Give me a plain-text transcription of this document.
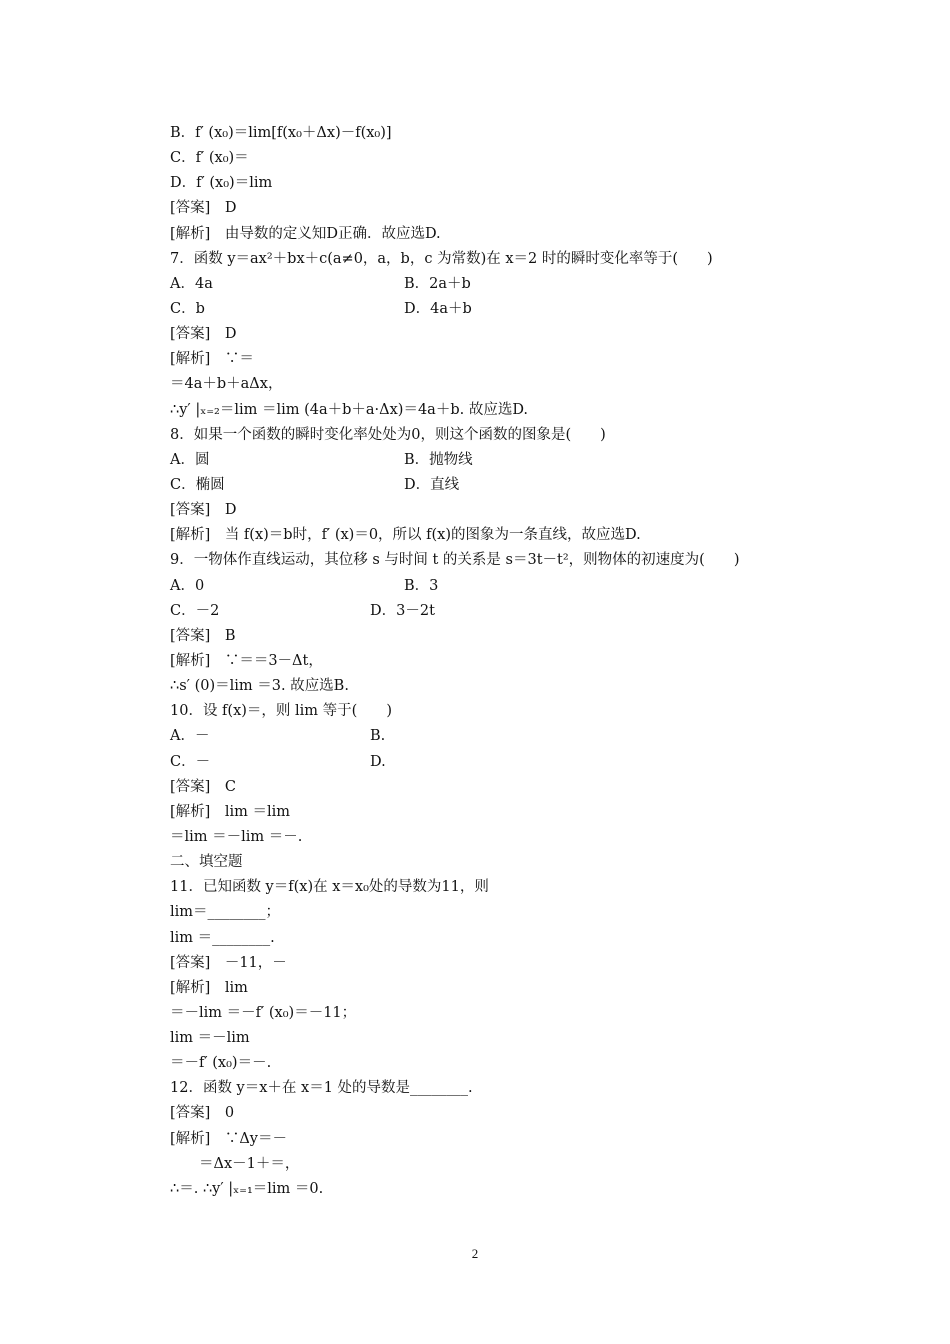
B．f′ (x₀)＝lim[f(x₀＋Δx)－f(x₀)]
C．f′ (x₀)＝
D．f′ (x₀)＝lim
[答案]　D
[解析]　由导数的定义知D正确．故应选D.
7．函数 y＝ax²＋bx＋c(a≠0，a，b，c 为常数)在 x＝2 时的瞬时变化率等于(　　)
A．4a	B．2a＋b
C．b	D．4a＋b
[答案]　D
[解析]　∵＝
＝4a＋b＋aΔx，
∴y′ |ₓ₌₂＝lim ＝lim (4a＋b＋a·Δx)＝4a＋b. 故应选D.
8．如果一个函数的瞬时变化率处处为0，则这个函数的图象是(　　)
A．圆	B．抛物线
C．椭圆	D．直线
[答案]　D
[解析]　当 f(x)＝b时，f′ (x)＝0，所以 f(x)的图象为一条直线，故应选D.
9．一物体作直线运动，其位移 s 与时间 t 的关系是 s＝3t－t²，则物体的初速度为(　　)
A．0	B．3
C．－2	D．3－2t
[答案]　B
[解析]　∵＝＝3－Δt，
∴s′ (0)＝lim ＝3. 故应选B.
10．设 f(x)＝，则 lim 等于(　　)
A．－	B.
C．－	D.
[答案]　C
[解析]　lim ＝lim
＝lim ＝－lim ＝－.
二、填空题
11．已知函数 y＝f(x)在 x＝x₀处的导数为11，则
lim＝________；
lim ＝________.
[答案]　－11，－
[解析]　lim
＝－lim ＝－f′ (x₀)＝－11；
lim ＝－lim
＝－f′ (x₀)＝－.
12．函数 y＝x＋在 x＝1 处的导数是________.
[答案]　0
[解析]　∵Δy＝－
　　＝Δx－1＋＝，
∴＝. ∴y′ |ₓ₌₁＝lim ＝0.
2
